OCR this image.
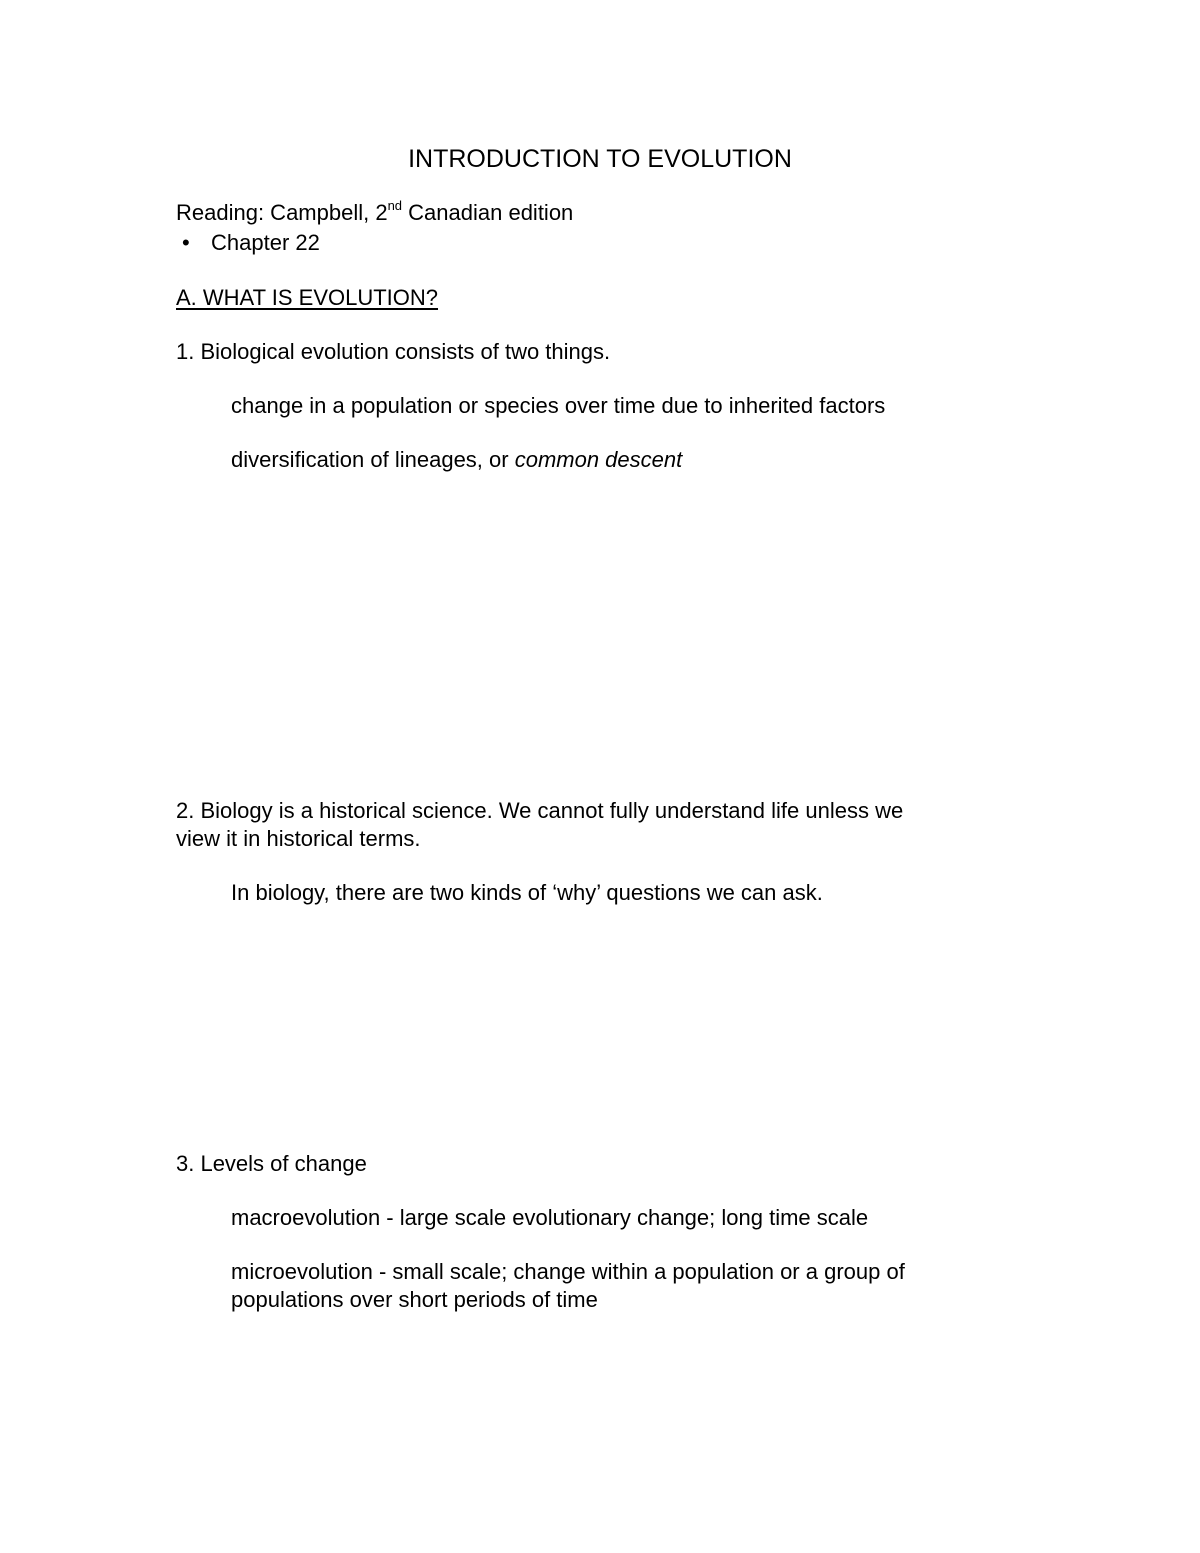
INTRODUCTION TO EVOLUTION
Reading: Campbell, 2nd Canadian edition
• Chapter 22
A. WHAT IS EVOLUTION?
1. Biological evolution consists of two things.
change in a population or species over time due to inherited factors
diversification of lineages, or common descent
2. Biology is a historical science. We cannot fully understand life unless we
view it in historical terms.
In biology, there are two kinds of ‘why’ questions we can ask.
3. Levels of change
macroevolution - large scale evolutionary change; long time scale
microevolution - small scale; change within a population or a group of
populations over short periods of time
